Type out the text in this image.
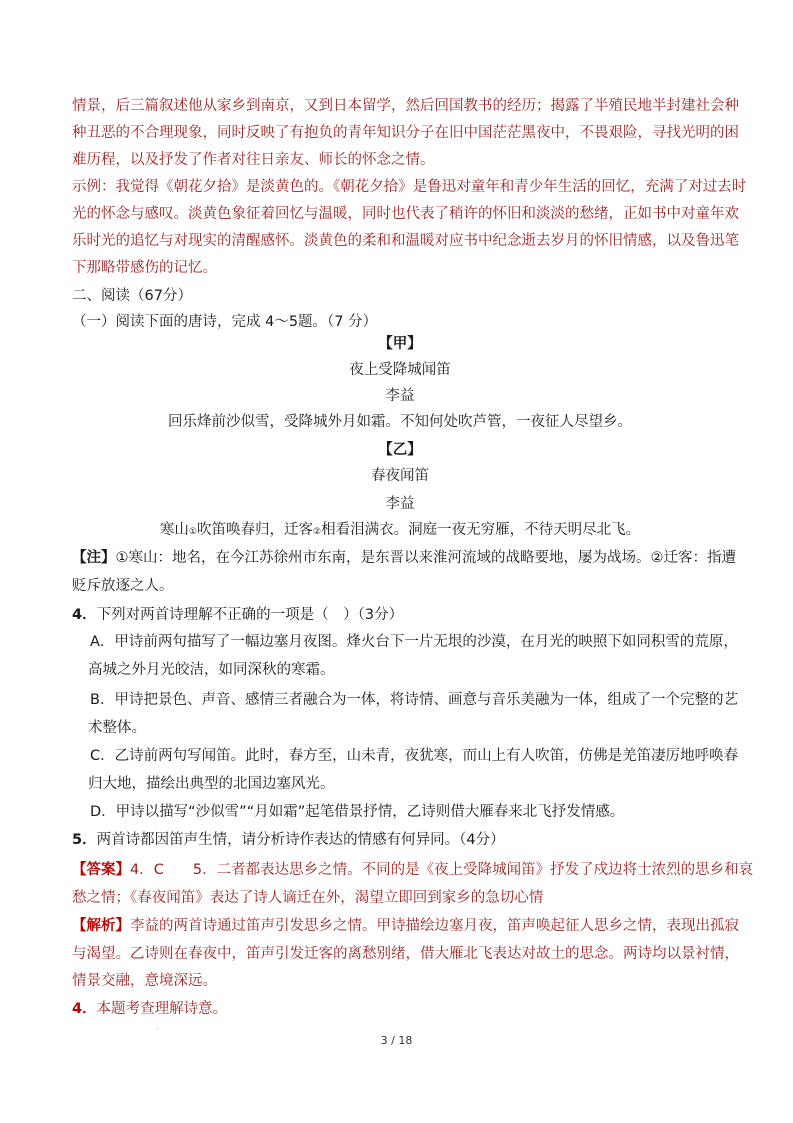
情景，后三篇叙述他从家乡到南京，又到日本留学，然后回国教书的经历；揭露了半殖民地半封建社会种
种丑恶的不合理现象，同时反映了有抱负的青年知识分子在旧中国茫茫黑夜中，不畏艰险，寻找光明的困
难历程，以及抒发了作者对往日亲友、师长的怀念之情。
示例：我觉得《朝花夕拾》是淡黄色的。《朝花夕拾》是鲁迅对童年和青少年生活的回忆，充满了对过去时
光的怀念与感叹。淡黄色象征着回忆与温暖，同时也代表了稍许的怀旧和淡淡的愁绪，正如书中对童年欢
乐时光的追忆与对现实的清醒感怀。淡黄色的柔和和温暖对应书中纪念逝去岁月的怀旧情感，以及鲁迅笔
下那略带感伤的记忆。
二、阅读（67分）
（一）阅读下面的唐诗，完成 4～5题。（7 分）
【甲】
夜上受降城闻笛
李益
回乐烽前沙似雪，受降城外月如霜。不知何处吹芦管，一夜征人尽望乡。
【乙】
春夜闻笛
李益
寒山①吹笛唤春归，迁客②相看泪满衣。洞庭一夜无穷雁，不待天明尽北飞。
【注】①寒山：地名，在今江苏徐州市东南，是东晋以来淮河流域的战略要地，屡为战场。②迁客：指遭
贬斥放逐之人。
4．下列对两首诗理解不正确的一项是（　）（3分）
A．甲诗前两句描写了一幅边塞月夜图。烽火台下一片无垠的沙漠，在月光的映照下如同积雪的荒原，
高城之外月光皎洁，如同深秋的寒霜。
B．甲诗把景色、声音、感情三者融合为一体，将诗情、画意与音乐美融为一体，组成了一个完整的艺
术整体。
C．乙诗前两句写闻笛。此时，春方至，山未青，夜犹寒，而山上有人吹笛，仿佛是羌笛凄厉地呼唤春
归大地，描绘出典型的北国边塞风光。
D．甲诗以描写“沙似雪”“月如霜”起笔借景抒情，乙诗则借大雁春来北飞抒发情感。
5．两首诗都因笛声生情，请分析诗作表达的情感有何异同。（4分）
【答案】4．C　　5．二者都表达思乡之情。不同的是《夜上受降城闻笛》抒发了戍边将士浓烈的思乡和哀
愁之情；《春夜闻笛》表达了诗人谪迁在外，渴望立即回到家乡的急切心情
【解析】李益的两首诗通过笛声引发思乡之情。甲诗描绘边塞月夜，笛声唤起征人思乡之情，表现出孤寂
与渴望。乙诗则在春夜中，笛声引发迁客的离愁别绪，借大雁北飞表达对故土的思念。两诗均以景衬情，
情景交融，意境深远。
4．本题考查理解诗意。
·
3 / 18
